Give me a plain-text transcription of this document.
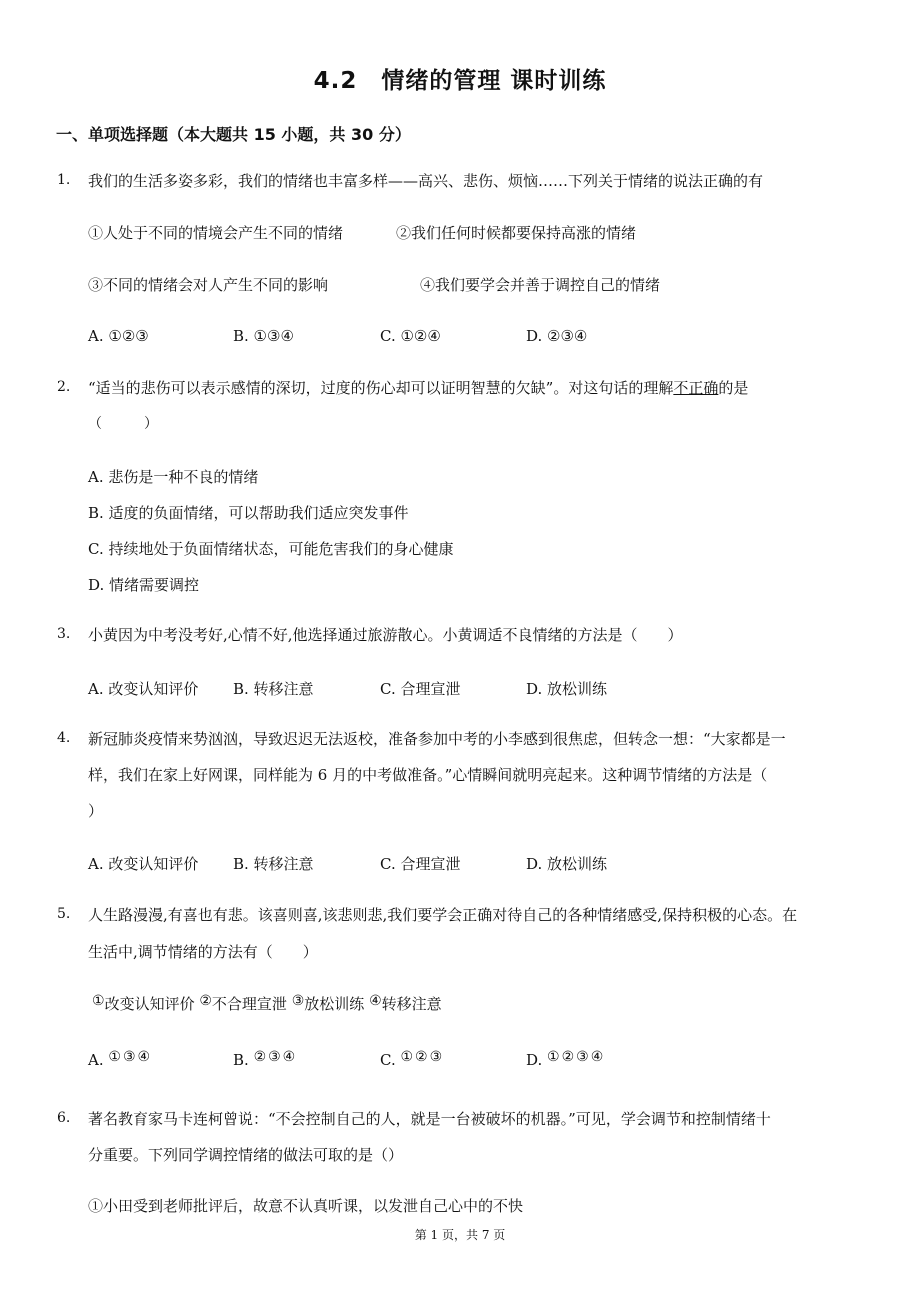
4.2　情绪的管理 课时训练
一、单项选择题（本大题共 15 小题，共 30 分）
1. 我们的生活多姿多彩，我们的情绪也丰富多样——高兴、悲伤、烦恼……下列关于情绪的说法正确的有
①人处于不同的情境会产生不同的情绪	②我们任何时候都要保持高涨的情绪
③不同的情绪会对人产生不同的影响	④我们要学会并善于调控自己的情绪
A. ①②③	B. ①③④	C. ①②④	D. ②③④
2. “适当的悲伤可以表示感情的深切，过度的伤心却可以证明智慧的欠缺”。对这句话的理解不正确的是
（　　　）
A. 悲伤是一种不良的情绪
B. 适度的负面情绪，可以帮助我们适应突发事件
C. 持续地处于负面情绪状态，可能危害我们的身心健康
D. 情绪需要调控
3. 小黄因为中考没考好,心情不好,他选择通过旅游散心。小黄调适不良情绪的方法是（　　）
A. 改变认知评价 B. 转移注意	C. 合理宣泄	D. 放松训练
4. 新冠肺炎疫情来势汹汹，导致迟迟无法返校，准备参加中考的小李感到很焦虑，但转念一想：“大家都是一
样，我们在家上好网课，同样能为 6 月的中考做准备。”心情瞬间就明亮起来。这种调节情绪的方法是（
）
A. 改变认知评价 B. 转移注意	C. 合理宣泄	D. 放松训练
5. 人生路漫漫,有喜也有悲。该喜则喜,该悲则悲,我们要学会正确对待自己的各种情绪感受,保持积极的心态。在
生活中,调节情绪的方法有（　　）
①改变认知评价 ②不合理宣泄 ③放松训练 ④转移注意
A. ①③④	B. ②③④	C. ①②③	D. ①②③④
6. 著名教育家马卡连柯曾说：“不会控制自己的人，就是一台被破坏的机器。”可见，学会调节和控制情绪十
分重要。下列同学调控情绪的做法可取的是（）
①小田受到老师批评后，故意不认真听课，以发泄自己心中的不快
第 1 页，共 7 页
